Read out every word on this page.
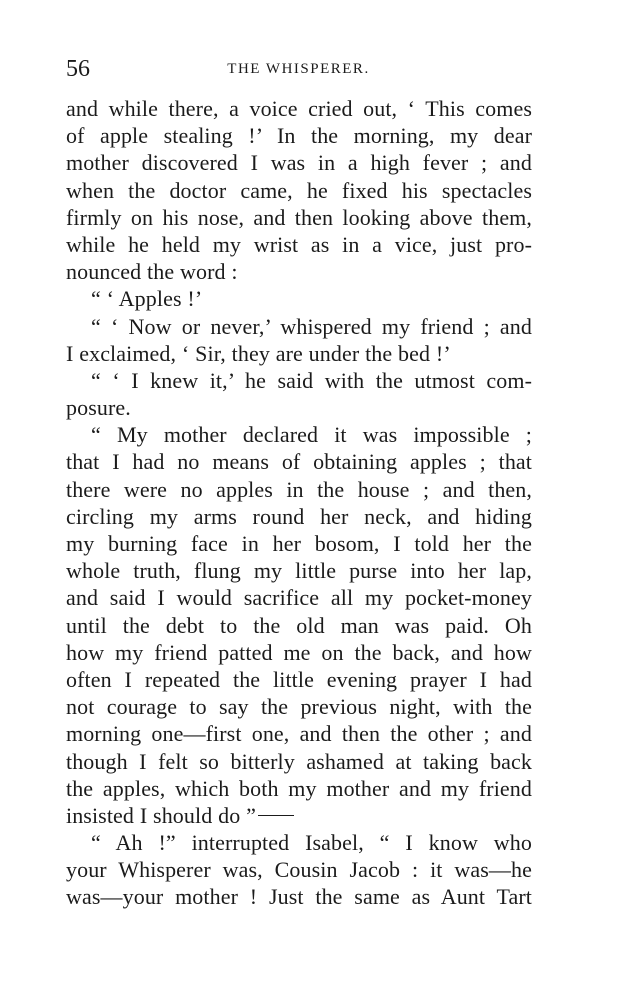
56	THE WHISPERER.
and while there, a voice cried out, ‘ This comes
of apple stealing !’ In the morning, my dear
mother discovered I was in a high fever ; and
when the doctor came, he fixed his spectacles
firmly on his nose, and then looking above them,
while he held my wrist as in a vice, just pro-
nounced the word :
“ ‘ Apples !’
“ ‘ Now or never,’ whispered my friend ; and
I exclaimed, ‘ Sir, they are under the bed !’
“ ‘ I knew it,’ he said with the utmost com-
posure.
“ My mother declared it was impossible ;
that I had no means of obtaining apples ; that
there were no apples in the house ; and then,
circling my arms round her neck, and hiding
my burning face in her bosom, I told her the
whole truth, flung my little purse into her lap,
and said I would sacrifice all my pocket-money
until the debt to the old man was paid. Oh
how my friend patted me on the back, and how
often I repeated the little evening prayer I had
not courage to say the previous night, with the
morning one—first one, and then the other ; and
though I felt so bitterly ashamed at taking back
the apples, which both my mother and my friend
insisted I should do ”
“ Ah !” interrupted Isabel, “ I know who
your Whisperer was, Cousin Jacob : it was—he
was—your mother ! Just the same as Aunt Tart
